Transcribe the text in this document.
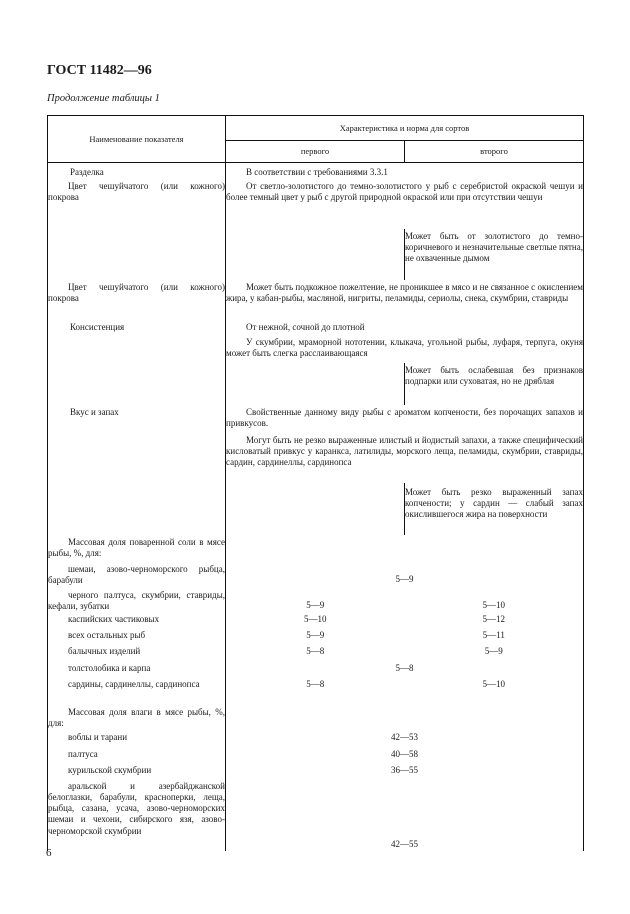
ГОСТ 11482—96
Продолжение таблицы 1
Наименование показателя	Характеристика и норма для сортов	
	первого	второго
Разделка	В соответствии с требованиями 3.3.1	
Цвет чешуйчатого (или кожного) покрова	От светло-золотистого до темно-золотистого у рыб с серебристой окраской чешуи и более темный цвет у рыб с другой природной окраской или при отсутствии чешуи	
		Может быть от золотистого до темно-коричневого и незначительные светлые пятна, не охваченные дымом
Цвет чешуйчатого (или кожного) покрова	Может быть подкожное пожелтение, не проникшее в мясо и не связанное с окислением жира, у кабан-рыбы, масляной, нигриты, пеламиды, сериолы, снека, скумбрии, ставриды	
Консистенция	От нежной, сочной до плотной	
	У скумбрии, мраморной нототении, клыкача, угольной рыбы, луфаря, терпуга, окуня может быть слегка расслаивающаяся	
		Может быть ослабевшая без признаков подпарки или суховатая, но не дряблая
Вкус и запах	Свойственные данному виду рыбы с ароматом копчености, без порочащих запахов и привкусов.	
	Могут быть не резко выраженные илистый и йодистый запахи, а также специфический кисловатый привкус у каранкса, латилиды, морского леща, пеламиды, скумбрии, ставриды, сардин, сардинеллы, сардинопса	
		Может быть резко выраженный запах копчености; у сардин — слабый запах окислившегося жира на поверхности
Массовая доля поваренной соли в мясе рыбы, %, для:		
шемаи, азово-черноморского рыбца, барабули	5—9	
черного палтуса, скумбрии, ставриды, кефали, зубатки	5—9	5—10
каспийских частиковых	5—10	5—12
всех остальных рыб	5—9	5—11
балычных изделий	5—8	5—9
толстолобика и карпа	5—8	
сардины, сардинеллы, сардинопса	5—8	5—10
Массовая доля влаги в мясе рыбы, %, для:		
воблы и тарани	42—53	
палтуса	40—58	
курильской скумбрии	36—55	
аральской и азербайджанской белоглазки, барабули, красноперки, леща, рыбца, сазана, усача, азово-черноморских шемаи и чехони, сибирского язя, азово-черноморской скумбрии	42—55	
6
